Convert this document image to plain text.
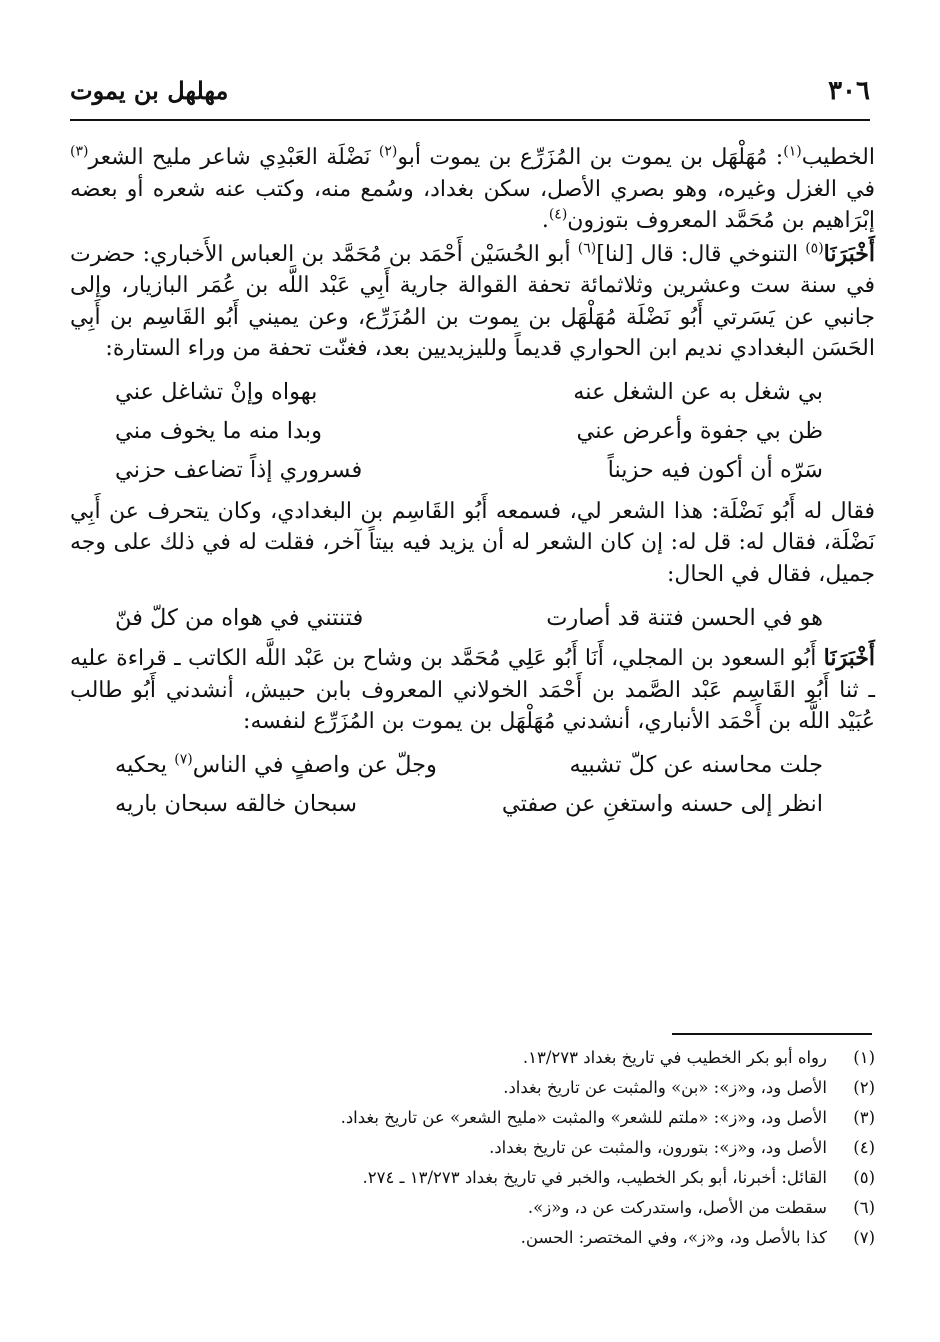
٣٠٦
مهلهل بن يموت

الخطيب$^{(١)}$: مُهَلْهَل بن يموت بن المُزَرِّع بن يموت أبو$^{(٢)}$ نَضْلَة العَبْدِي شاعر مليح الشعر$^{(٣)}$ في الغزل وغيره، وهو بصري الأصل، سكن بغداد، وسُمع منه، وكتب عنه شعره أو بعضه إبْرَاهيم بن مُحَمَّد المعروف بتوزون$^{(٤)}$.

أَخْبَرَنَا$^{(٥)}$ التنوخي قال: قال [لنا]$^{(٦)}$ أبو الحُسَيْن أَحْمَد بن مُحَمَّد بن العباس الأَخباري: حضرت في سنة ست وعشرين وثلاثمائة تحفة القوالة جارية أَبِي عَبْد اللَّه بن عُمَر البازيار، وإلى جانبي عن يَسَرتي أَبُو نَضْلَة مُهَلْهَل بن يموت بن المُزَرِّع، وعن يميني أَبُو القَاسِم بن أَبِي الحَسَن البغدادي نديم ابن الحواري قديماً ولليزيديين بعد، فغنّت تحفة من وراء الستارة:

بي شغل به عن الشغل عنه
بهواه وإنْ تشاغل عني
ظن بي جفوة وأعرض عني
وبدا منه ما يخوف مني
سَرّه أن أكون فيه حزيناً
فسروري إذاً تضاعف حزني

فقال له أَبُو نَضْلَة: هذا الشعر لي، فسمعه أَبُو القَاسِم بن البغدادي، وكان يتحرف عن أَبِي نَضْلَة، فقال له: قل له: إن كان الشعر له أن يزيد فيه بيتاً آخر، فقلت له في ذلك على وجه جميل، فقال في الحال:

هو في الحسن فتنة قد أصارت
فتنتني في هواه من كلّ فنّ

أَخْبَرَنَا أَبُو السعود بن المجلي، أَنَا أَبُو عَلِي مُحَمَّد بن وشاح بن عَبْد اللَّه الكاتب ـ قراءة عليه ـ ثنا أَبُو القَاسِم عَبْد الصَّمد بن أَحْمَد الخولاني المعروف بابن حبيش، أنشدني أَبُو طالب عُبَيْد اللَّه بن أَحْمَد الأنباري، أنشدني مُهَلْهَل بن يموت بن المُزَرِّع لنفسه:

جلت محاسنه عن كلّ تشبيه
وجلّ عن واصفٍ في الناس$^{(٧)}$ يحكيه
انظر إلى حسنه واستغنِ عن صفتي
سبحان خالقه سبحان باريه
(١)
رواه أبو بكر الخطيب في تاريخ بغداد ١٣/٢٧٣.
(٢)
الأصل ود، و«ز»: «بن» والمثبت عن تاريخ بغداد.
(٣)
الأصل ود، و«ز»: «ملتم للشعر» والمثبت «مليح الشعر» عن تاريخ بغداد.
(٤)
الأصل ود، و«ز»: بتورون، والمثبت عن تاريخ بغداد.
(٥)
القائل: أخبرنا، أبو بكر الخطيب، والخبر في تاريخ بغداد ١٣/٢٧٣ ـ ٢٧٤.
(٦)
سقطت من الأصل، واستدركت عن د، و«ز».
(٧)
كذا بالأصل ود، و«ز»، وفي المختصر: الحسن.
